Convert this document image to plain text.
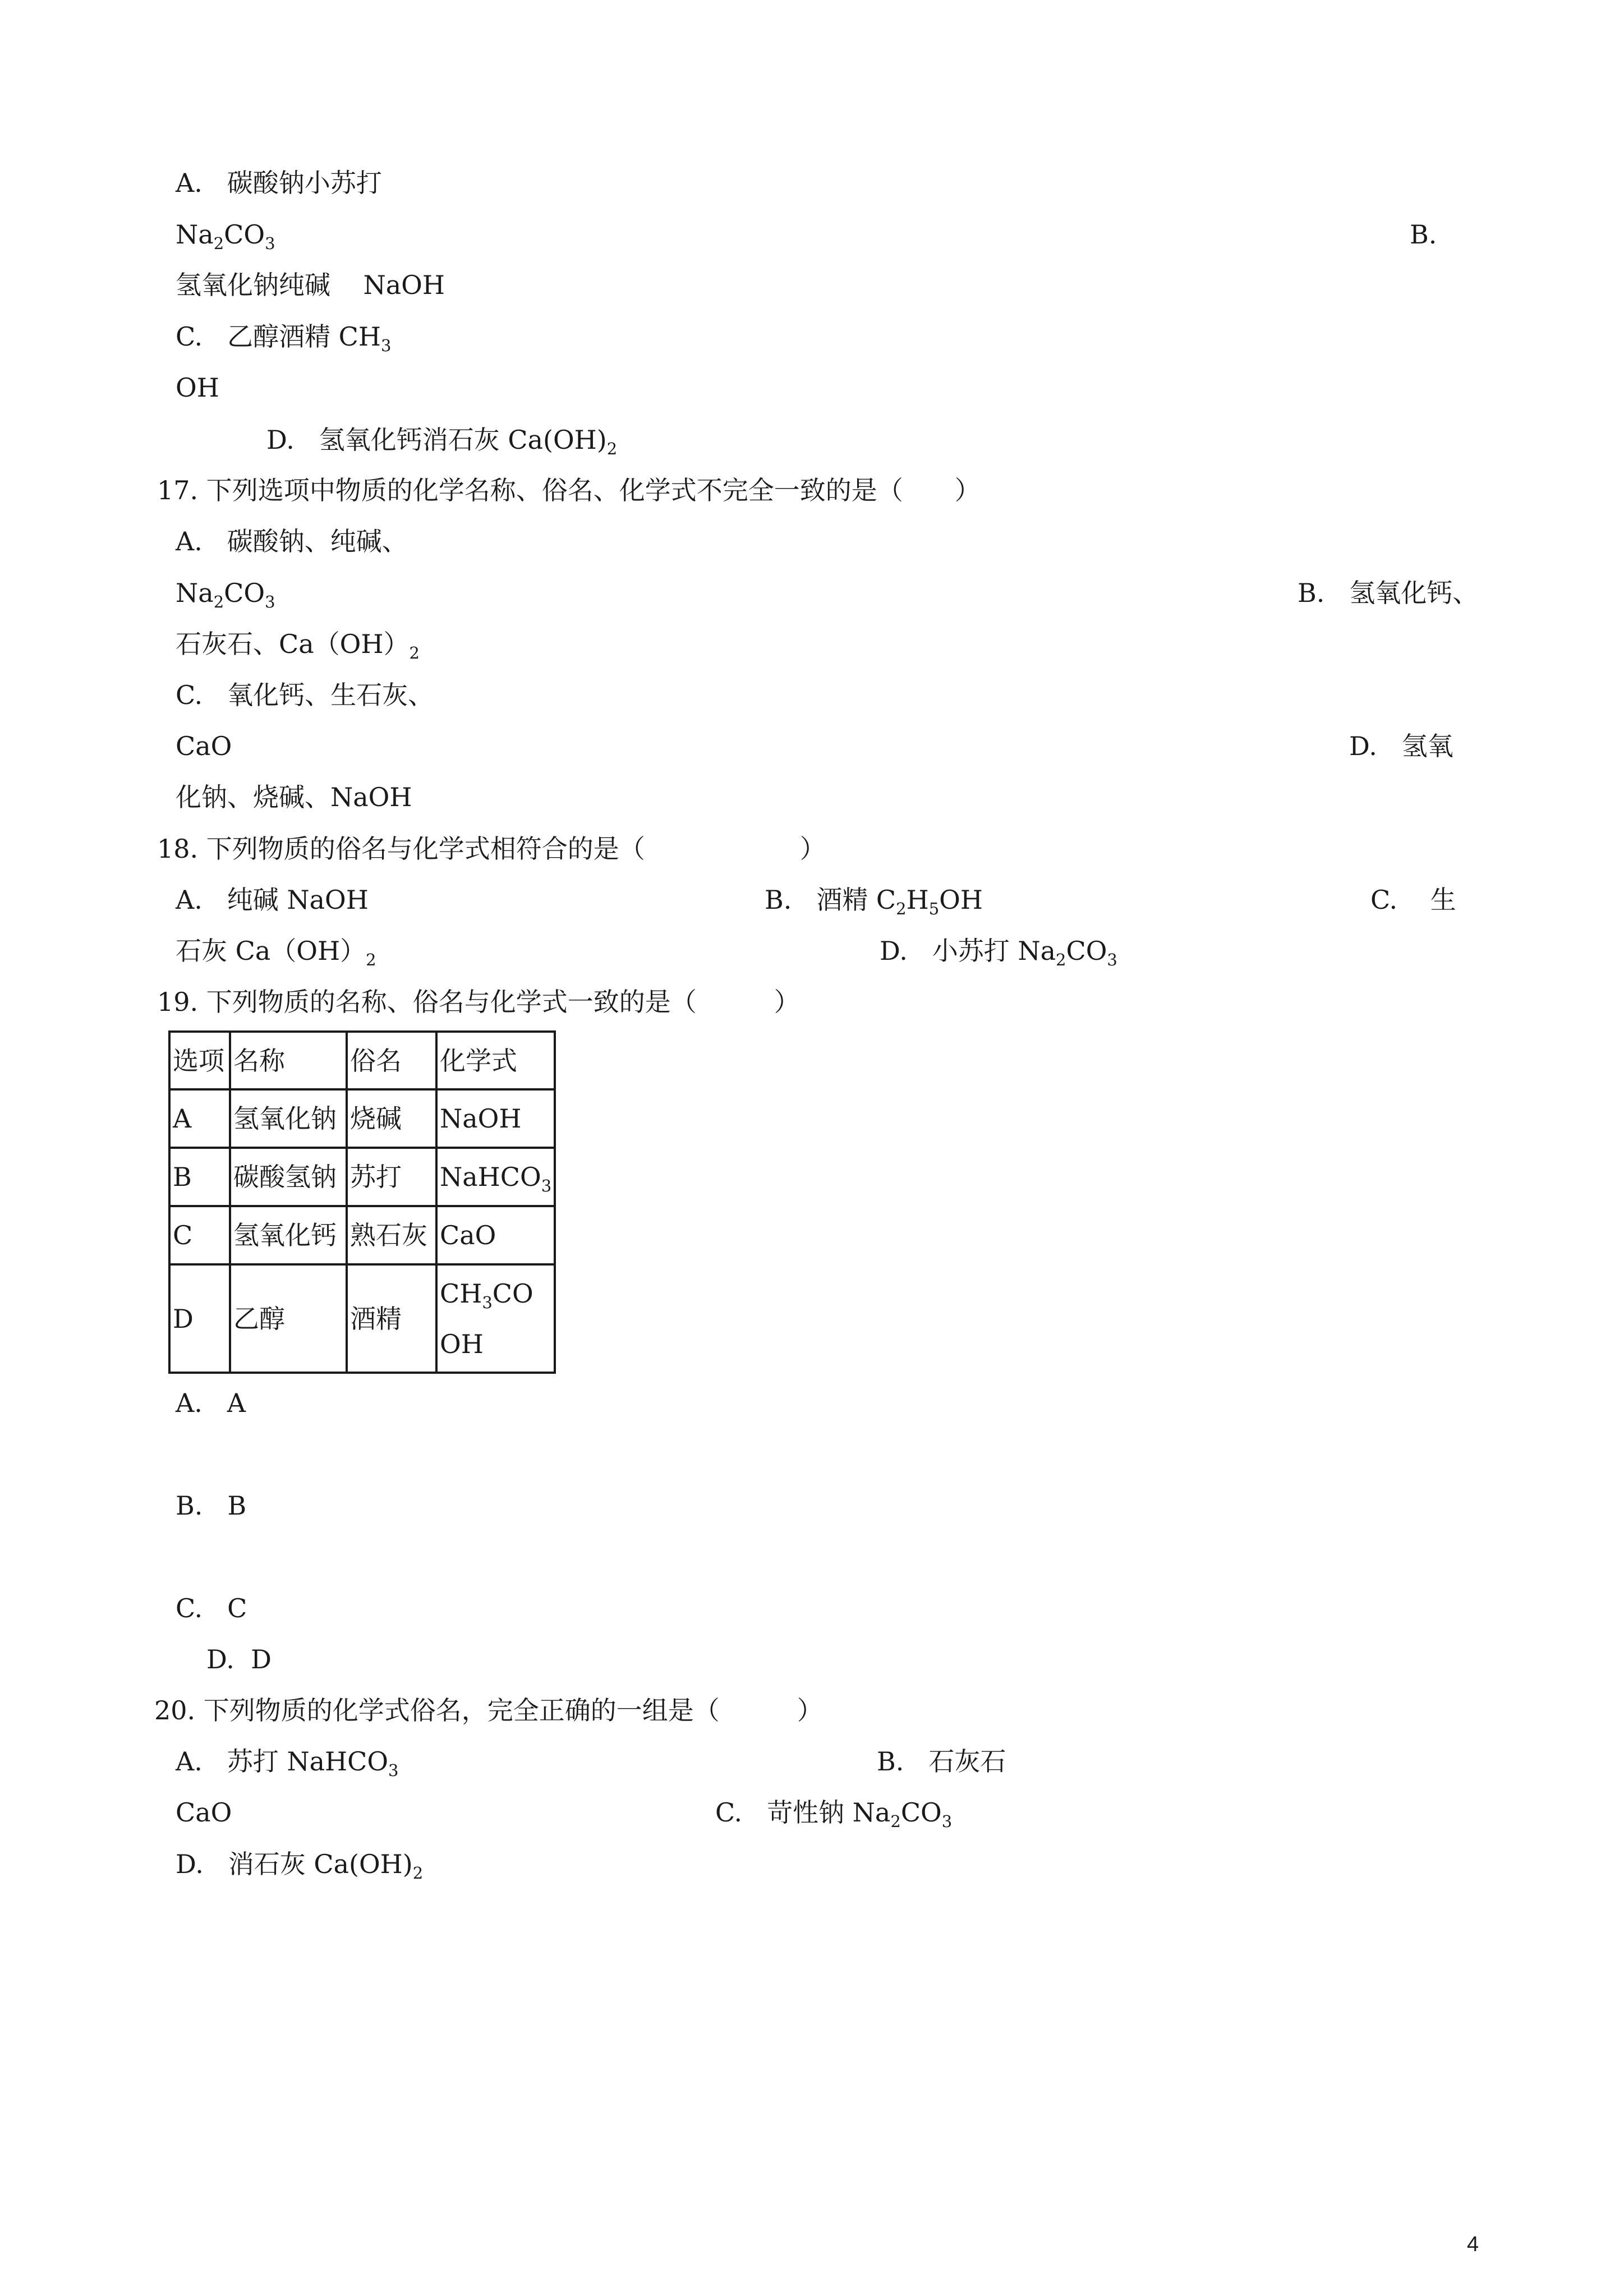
A. 碳酸钠小苏打
$Na_2CO_3$	B.
氢氧化钠纯碱 NaOH
C. 乙醇酒精 $CH_3$
OH
D. 氢氧化钙消石灰 $Ca(OH)_2$
17. 下列选项中物质的化学名称、俗名、化学式不完全一致的是（　　）
A. 碳酸钠、纯碱、
$Na_2CO_3$	B. 氢氧化钙、
石灰石、$Ca(OH)_2$
C. 氧化钙、生石灰、
CaO	D. 氢氧
化钠、烧碱、NaOH
18. 下列物质的俗名与化学式相符合的是（　　　　　　）
A. 纯碱 NaOH	B. 酒精 $C_2H_5OH$	C. 生
石灰 $Ca(OH)_2$	D. 小苏打 $Na_2CO_3$
19. 下列物质的名称、俗名与化学式一致的是（　　　）
选项	名称	俗名	化学式
A	氢氧化钠	烧碱	NaOH
B	碳酸氢钠	苏打	NaHCO$_3$
C	氢氧化钙	熟石灰	CaO
D	乙醇	酒精	$CH_3COOH$
A. A
B. B
C. C
D. D
20. 下列物质的化学式俗名，完全正确的一组是（　　　）
A. 苏打 NaHCO$_3$	B. 石灰石
CaO	C. 苛性钠 $Na_2CO_3$
D. 消石灰 $Ca(OH)_2$
4
